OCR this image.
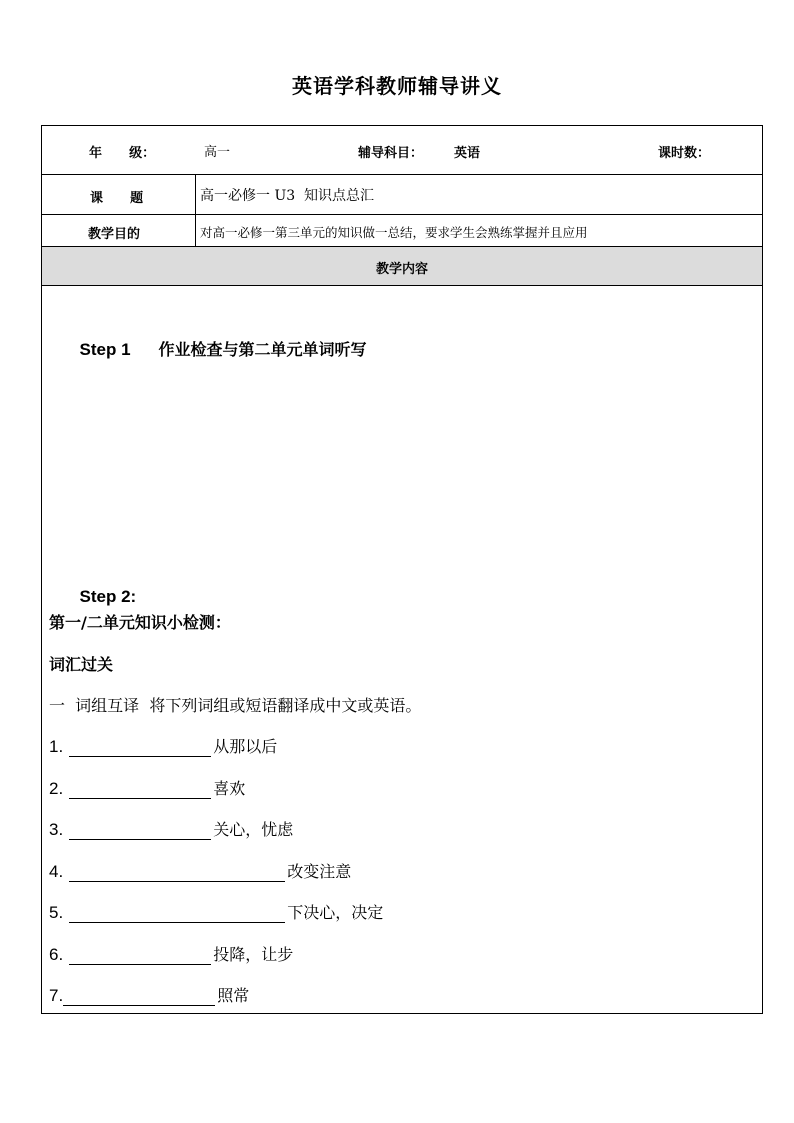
英语学科教师辅导讲义
年      级：	高一	辅导科目： 英语	课时数：
课      题	高一必修一 U3  知识点总汇
教学目的	对高一必修一第三单元的知识做一总结，要求学生会熟练掌握并且应用
教学内容

Step 1 作业检查与第二单元单词听写

Step 2:

第一/二单元知识小检测：
词汇过关
一  词组互译  将下列词组或短语翻译成中文或英语。
1.	从那以后
2.	喜欢
3.	关心，忧虑
4.	改变注意
5.	下决心，决定
6.	投降，让步
7.	照常
